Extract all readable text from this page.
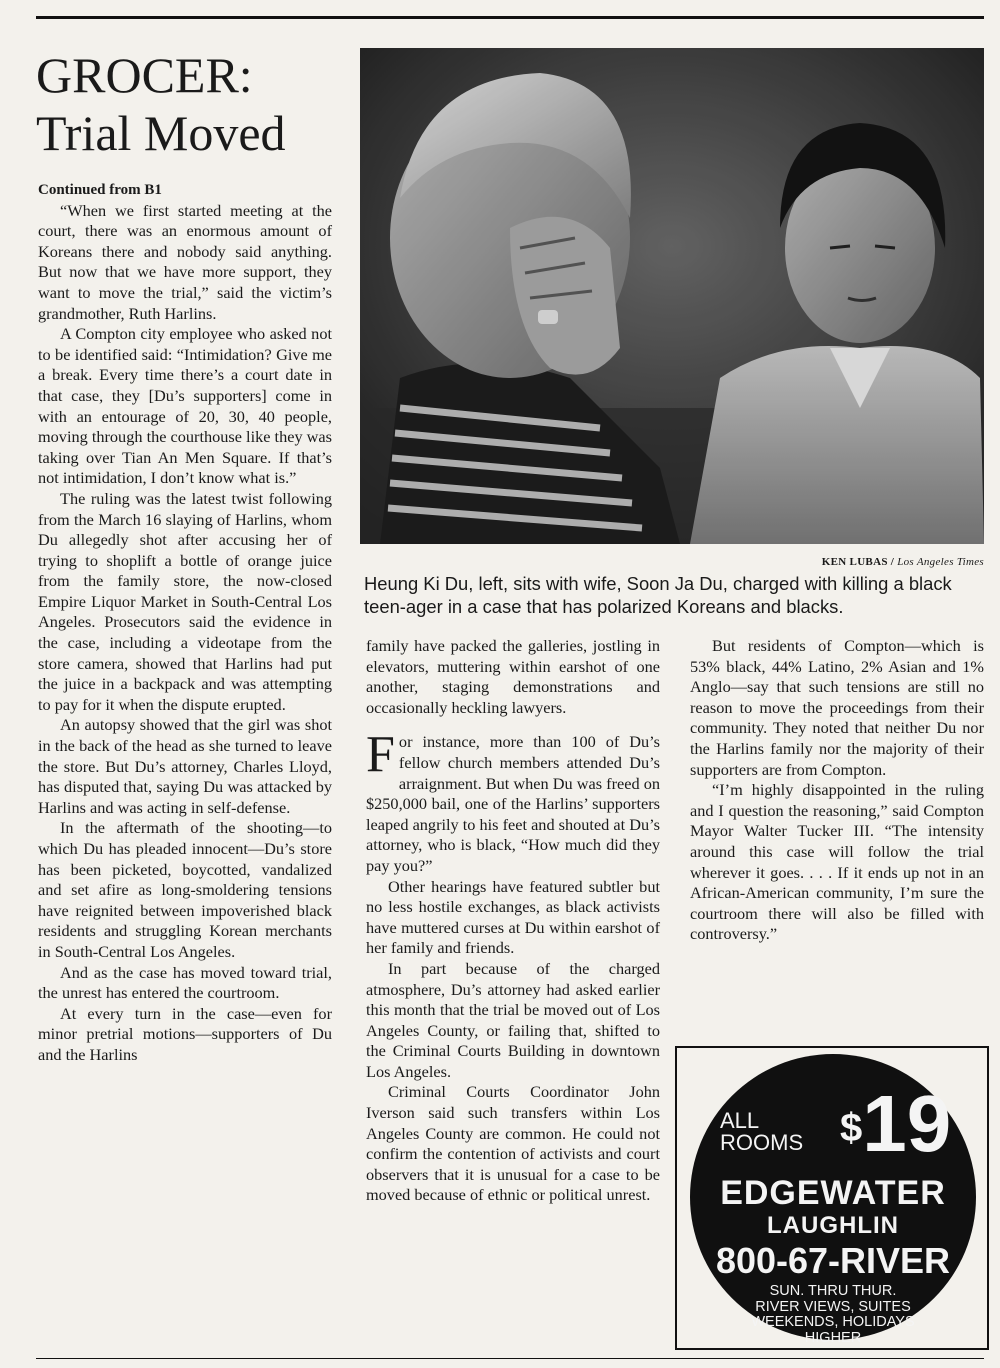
GROCER:
Trial Moved
KEN LUBAS / Los Angeles Times
Heung Ki Du, left, sits with wife, Soon Ja Du, charged with killing a black teen-ager in a case that has polarized Koreans and blacks.

Continued from B1

“When we first started meeting at the court, there was an enormous amount of Koreans there and nobody said anything. But now that we have more support, they want to move the trial,” said the victim’s grandmother, Ruth Harlins.

A Compton city employee who asked not to be identified said: “Intimidation? Give me a break. Every time there’s a court date in that case, they [Du’s supporters] come in with an entourage of 20, 30, 40 people, moving through the courthouse like they was taking over Tian An Men Square. If that’s not intimidation, I don’t know what is.”

The ruling was the latest twist following from the March 16 slaying of Harlins, whom Du allegedly shot after accusing her of trying to shoplift a bottle of orange juice from the family store, the now-closed Empire Liquor Market in South-Central Los Angeles. Prosecutors said the evidence in the case, including a videotape from the store camera, showed that Harlins had put the juice in a backpack and was attempting to pay for it when the dispute erupted.

An autopsy showed that the girl was shot in the back of the head as she turned to leave the store. But Du’s attorney, Charles Lloyd, has disputed that, saying Du was attacked by Harlins and was acting in self-defense.

In the aftermath of the shooting—to which Du has pleaded innocent—Du’s store has been picketed, boycotted, vandalized and set afire as long-smoldering tensions have reignited between impoverished black residents and struggling Korean merchants in South-Central Los Angeles.

And as the case has moved toward trial, the unrest has entered the courtroom.

At every turn in the case—even for minor pretrial motions—supporters of Du and the Harlins

family have packed the galleries, jostling in elevators, muttering within earshot of one another, staging demonstrations and occasionally heckling lawyers.

For instance, more than 100 of Du’s fellow church members attended Du’s arraignment. But when Du was freed on $250,000 bail, one of the Harlins’ supporters leaped angrily to his feet and shouted at Du’s attorney, who is black, “How much did they pay you?”

Other hearings have featured subtler but no less hostile exchanges, as black activists have muttered curses at Du within earshot of her family and friends.

In part because of the charged atmosphere, Du’s attorney had asked earlier this month that the trial be moved out of Los Angeles County, or failing that, shifted to the Criminal Courts Building in downtown Los Angeles.

Criminal Courts Coordinator John Iverson said such transfers within Los Angeles County are common. He could not confirm the contention of activists and court observers that it is unusual for a case to be moved because of ethnic or political unrest.

But residents of Compton—which is 53% black, 44% Latino, 2% Asian and 1% Anglo—say that such tensions are still no reason to move the proceedings from their community. They noted that neither Du nor the Harlins family nor the majority of their supporters are from Compton.

“I’m highly disappointed in the ruling and I question the reasoning,” said Compton Mayor Walter Tucker III. “The intensity around this case will follow the trial wherever it goes. . . . If it ends up not in an African-American community, I’m sure the courtroom there will also be filled with controversy.”

ALL
ROOMS $19
EDGEWATER
LAUGHLIN
800-67-RIVER
SUN. THRU THUR.
RIVER VIEWS, SUITES
WEEKENDS, HOLIDAYS
HIGHER
